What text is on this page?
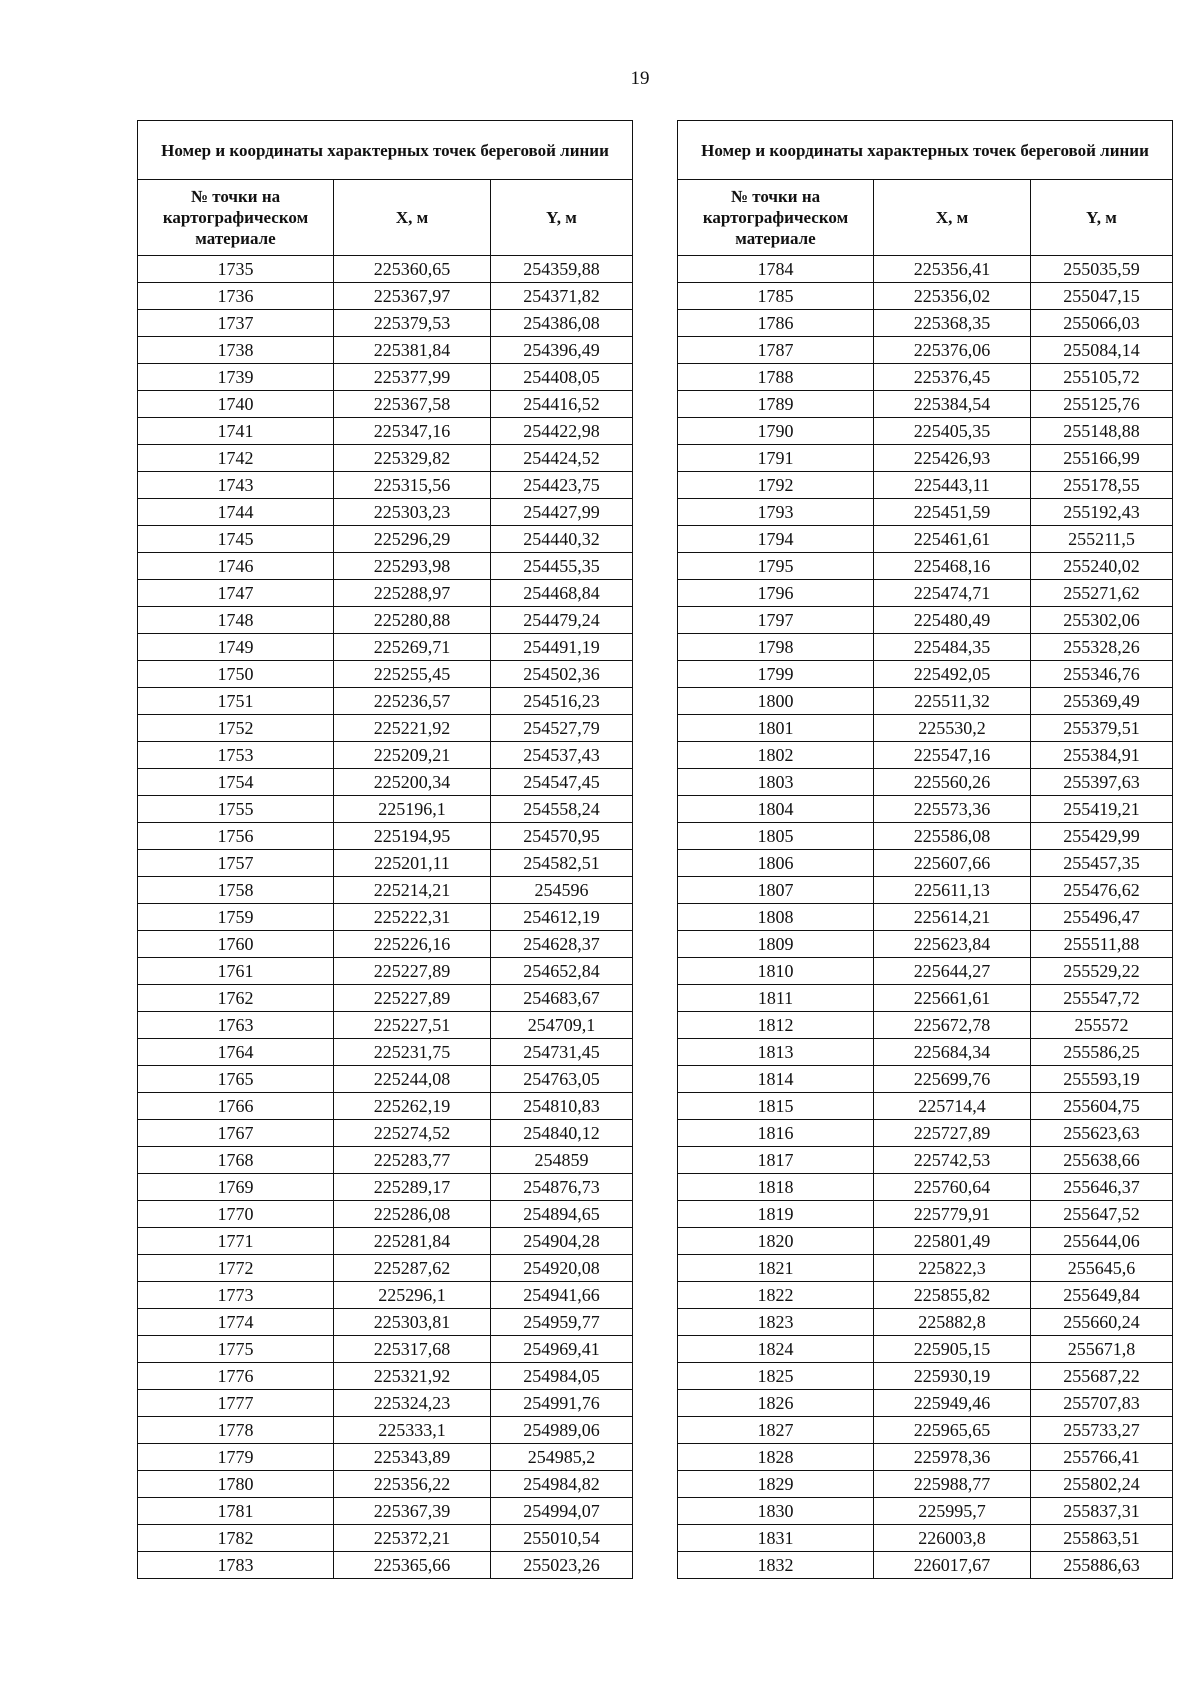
19
Номер и координаты характерных точек береговой линии		
№ точки на картографическом материале	X, м	Y, м
1735	225360,65	254359,88
1736	225367,97	254371,82
1737	225379,53	254386,08
1738	225381,84	254396,49
1739	225377,99	254408,05
1740	225367,58	254416,52
1741	225347,16	254422,98
1742	225329,82	254424,52
1743	225315,56	254423,75
1744	225303,23	254427,99
1745	225296,29	254440,32
1746	225293,98	254455,35
1747	225288,97	254468,84
1748	225280,88	254479,24
1749	225269,71	254491,19
1750	225255,45	254502,36
1751	225236,57	254516,23
1752	225221,92	254527,79
1753	225209,21	254537,43
1754	225200,34	254547,45
1755	225196,1	254558,24
1756	225194,95	254570,95
1757	225201,11	254582,51
1758	225214,21	254596
1759	225222,31	254612,19
1760	225226,16	254628,37
1761	225227,89	254652,84
1762	225227,89	254683,67
1763	225227,51	254709,1
1764	225231,75	254731,45
1765	225244,08	254763,05
1766	225262,19	254810,83
1767	225274,52	254840,12
1768	225283,77	254859
1769	225289,17	254876,73
1770	225286,08	254894,65
1771	225281,84	254904,28
1772	225287,62	254920,08
1773	225296,1	254941,66
1774	225303,81	254959,77
1775	225317,68	254969,41
1776	225321,92	254984,05
1777	225324,23	254991,76
1778	225333,1	254989,06
1779	225343,89	254985,2
1780	225356,22	254984,82
1781	225367,39	254994,07
1782	225372,21	255010,54
1783	225365,66	255023,26
Номер и координаты характерных точек береговой линии		
№ точки на картографическом материале	X, м	Y, м
1784	225356,41	255035,59
1785	225356,02	255047,15
1786	225368,35	255066,03
1787	225376,06	255084,14
1788	225376,45	255105,72
1789	225384,54	255125,76
1790	225405,35	255148,88
1791	225426,93	255166,99
1792	225443,11	255178,55
1793	225451,59	255192,43
1794	225461,61	255211,5
1795	225468,16	255240,02
1796	225474,71	255271,62
1797	225480,49	255302,06
1798	225484,35	255328,26
1799	225492,05	255346,76
1800	225511,32	255369,49
1801	225530,2	255379,51
1802	225547,16	255384,91
1803	225560,26	255397,63
1804	225573,36	255419,21
1805	225586,08	255429,99
1806	225607,66	255457,35
1807	225611,13	255476,62
1808	225614,21	255496,47
1809	225623,84	255511,88
1810	225644,27	255529,22
1811	225661,61	255547,72
1812	225672,78	255572
1813	225684,34	255586,25
1814	225699,76	255593,19
1815	225714,4	255604,75
1816	225727,89	255623,63
1817	225742,53	255638,66
1818	225760,64	255646,37
1819	225779,91	255647,52
1820	225801,49	255644,06
1821	225822,3	255645,6
1822	225855,82	255649,84
1823	225882,8	255660,24
1824	225905,15	255671,8
1825	225930,19	255687,22
1826	225949,46	255707,83
1827	225965,65	255733,27
1828	225978,36	255766,41
1829	225988,77	255802,24
1830	225995,7	255837,31
1831	226003,8	255863,51
1832	226017,67	255886,63
